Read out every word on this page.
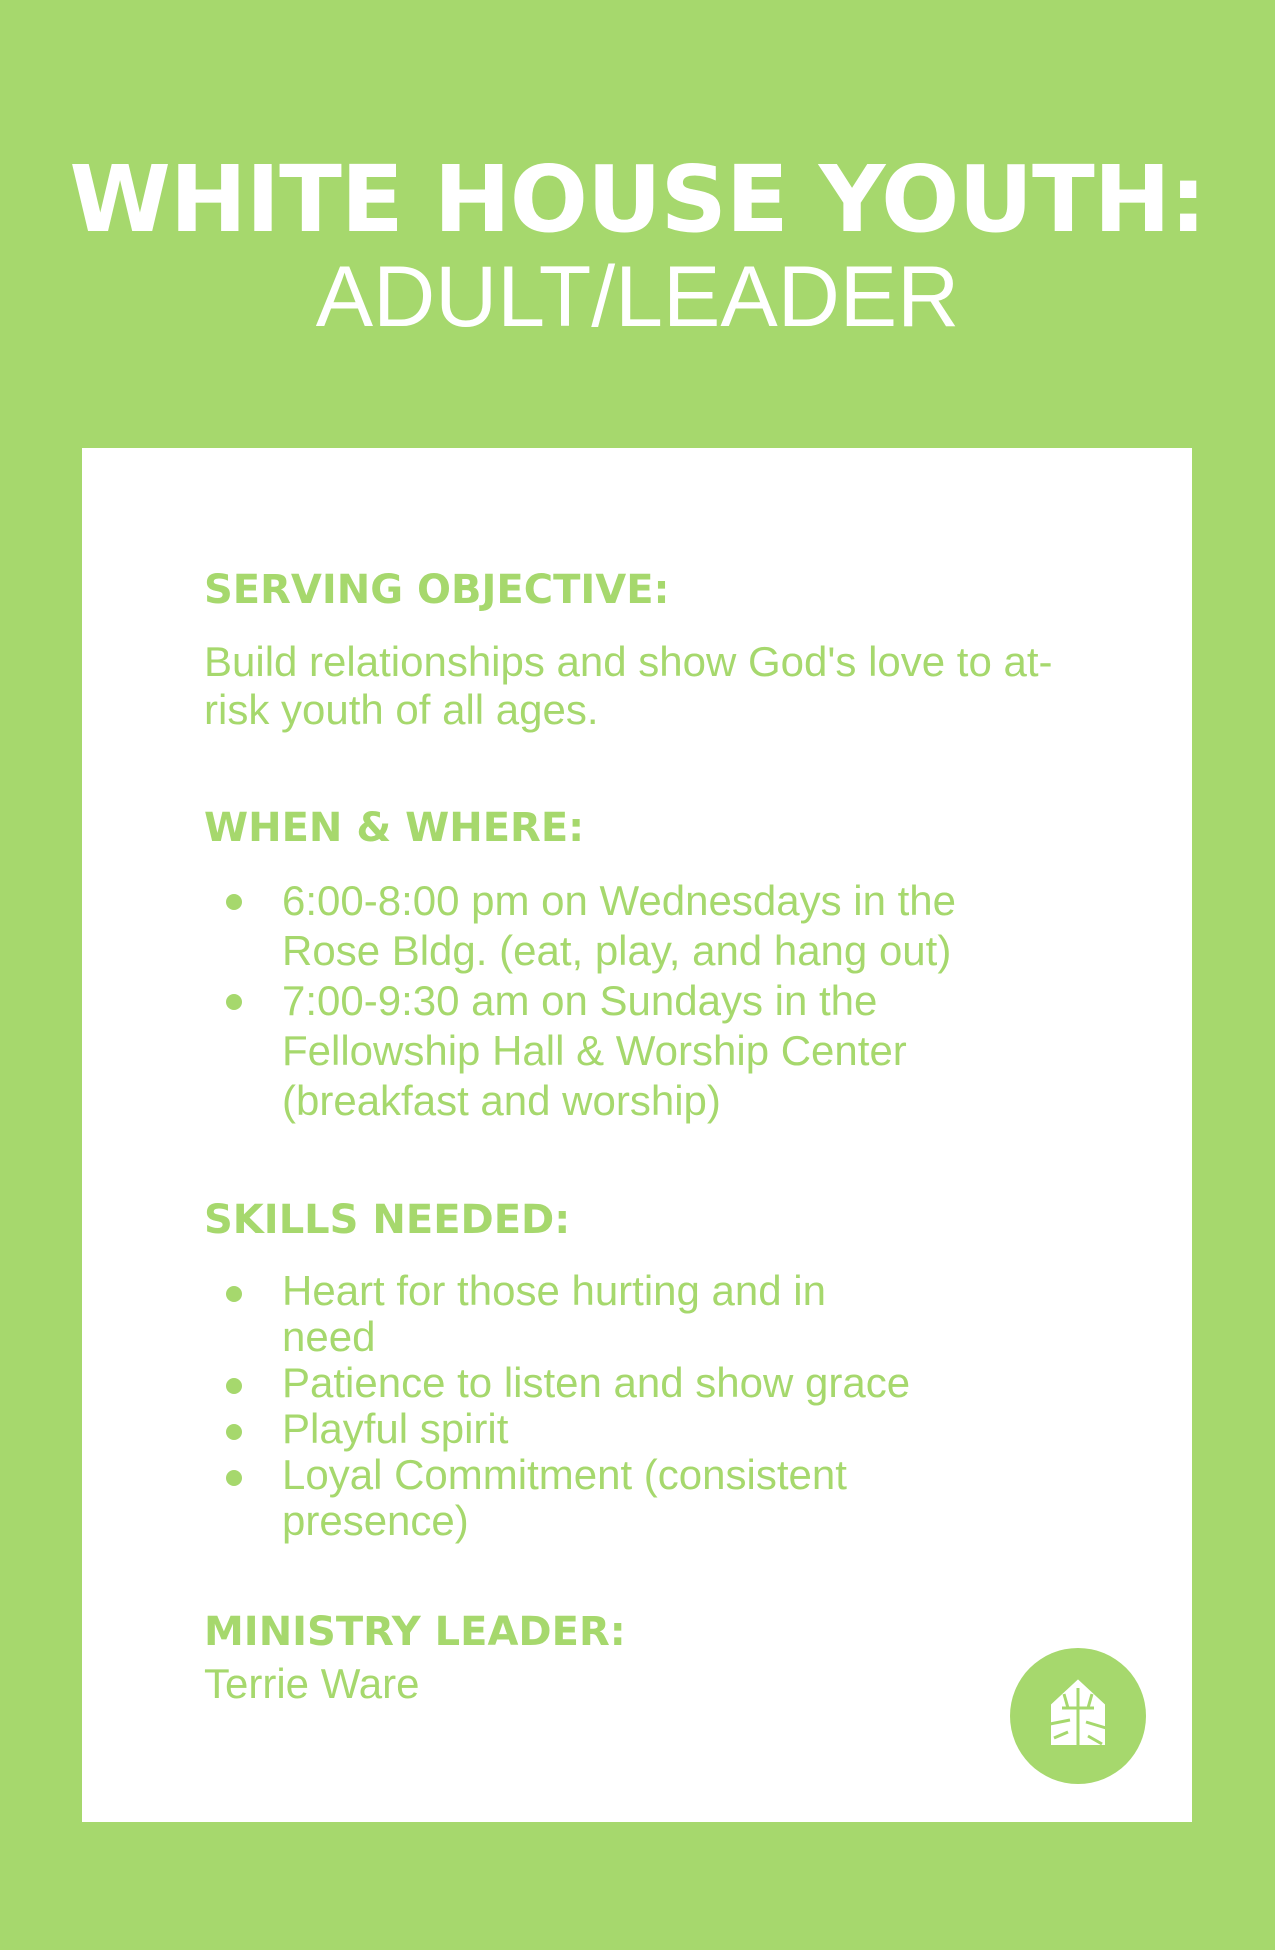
WHITE HOUSE YOUTH:
ADULT/LEADER
SERVING OBJECTIVE:
Build relationships and show God's love to at-risk youth of all ages.
WHEN & WHERE:
6:00-8:00 pm on Wednesdays in the Rose Bldg. (eat, play, and hang out)
7:00-9:30 am on Sundays in the Fellowship Hall & Worship Center (breakfast and worship)
SKILLS NEEDED:
Heart for those hurting and in need
Patience to listen and show grace
Playful spirit
Loyal Commitment (consistent presence)
MINISTRY LEADER:
Terrie Ware
